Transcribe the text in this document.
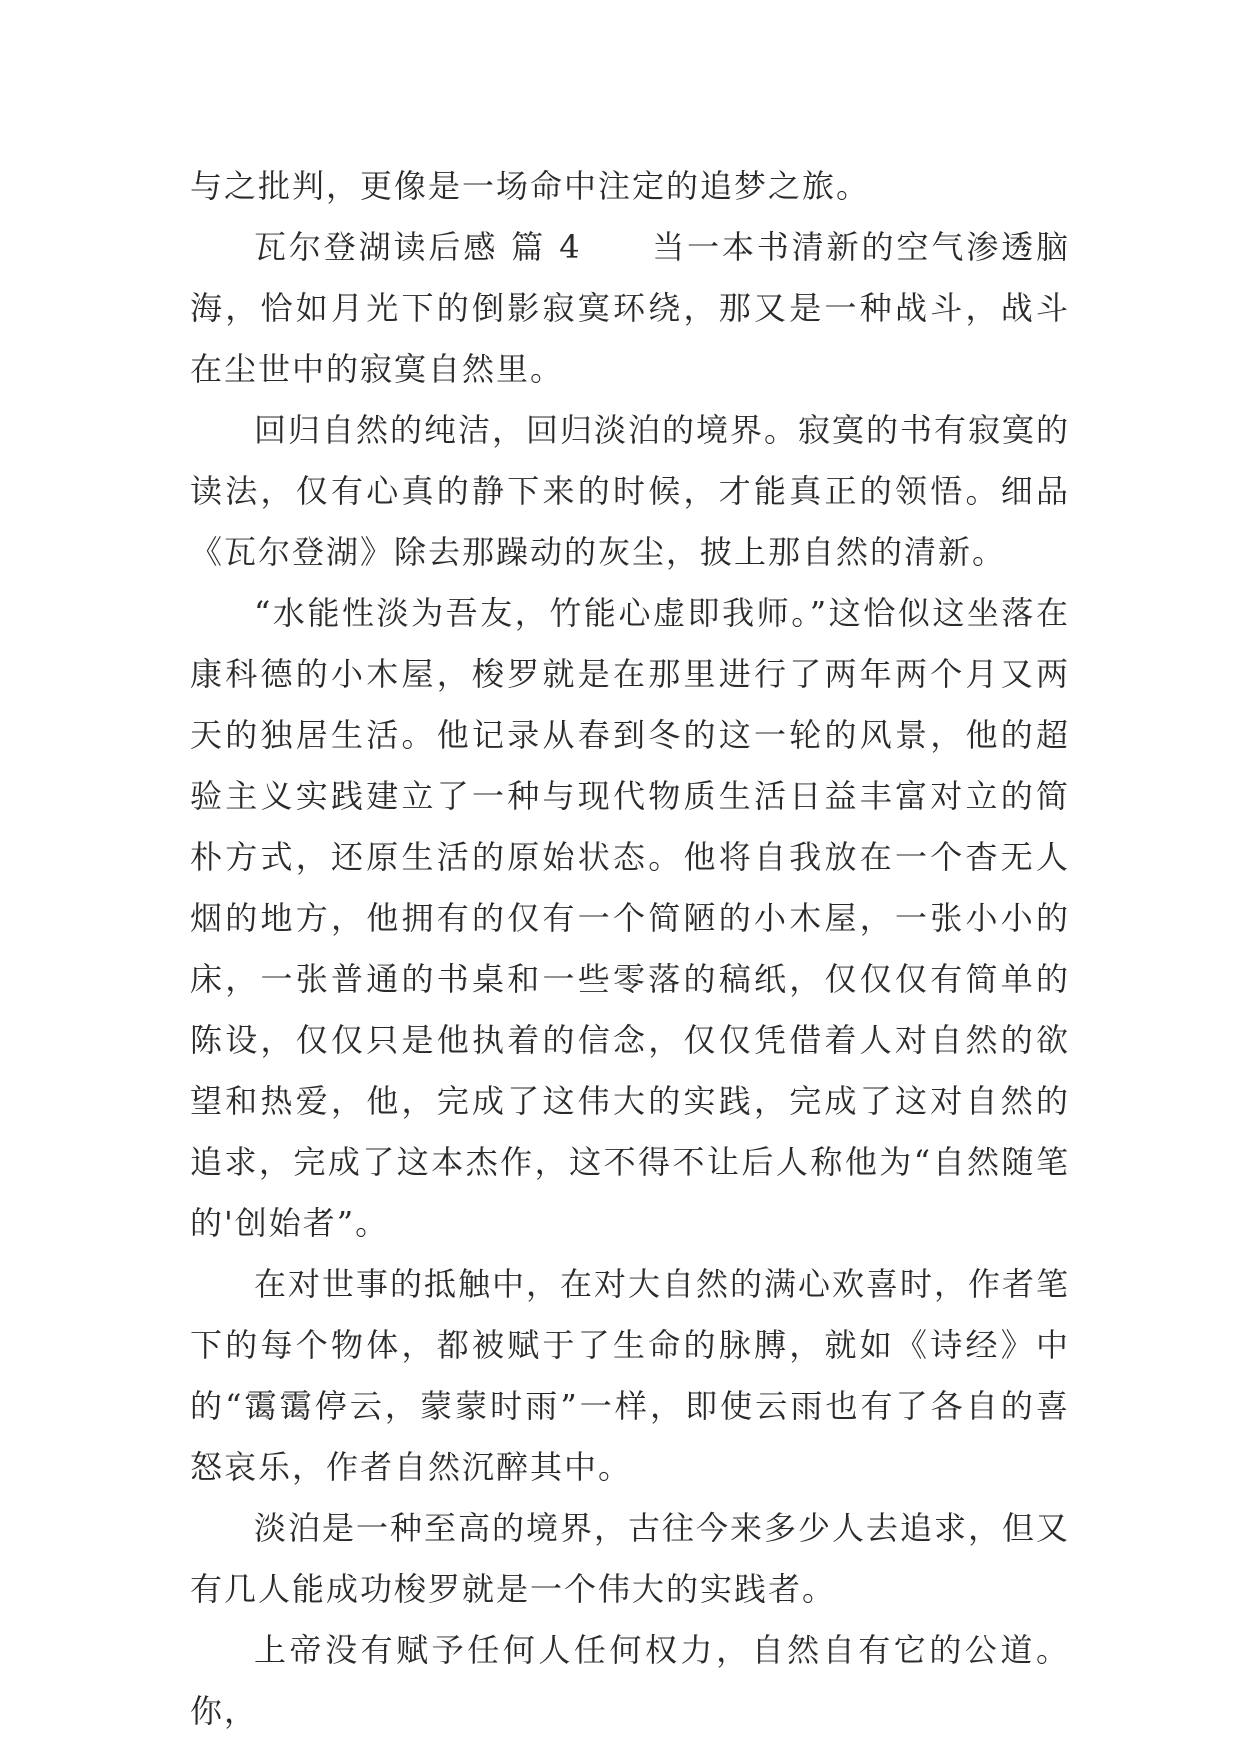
与之批判，更像是一场命中注定的追梦之旅。

瓦尔登湖读后感 篇 4　　当一本书清新的空气渗透脑海，恰如月光下的倒影寂寞环绕，那又是一种战斗，战斗在尘世中的寂寞自然里。

回归自然的纯洁，回归淡泊的境界。寂寞的书有寂寞的读法，仅有心真的静下来的时候，才能真正的领悟。细品《瓦尔登湖》除去那躁动的灰尘，披上那自然的清新。

“水能性淡为吾友，竹能心虚即我师。”这恰似这坐落在康科德的小木屋，梭罗就是在那里进行了两年两个月又两天的独居生活。他记录从春到冬的这一轮的风景，他的超验主义实践建立了一种与现代物质生活日益丰富对立的简朴方式，还原生活的原始状态。他将自我放在一个杳无人烟的地方，他拥有的仅有一个简陋的小木屋，一张小小的床，一张普通的书桌和一些零落的稿纸，仅仅仅有简单的陈设，仅仅只是他执着的信念，仅仅凭借着人对自然的欲望和热爱，他，完成了这伟大的实践，完成了这对自然的追求，完成了这本杰作，这不得不让后人称他为“自然随笔的'创始者”。

在对世事的抵触中，在对大自然的满心欢喜时，作者笔下的每个物体，都被赋于了生命的脉膊，就如《诗经》中的“霭霭停云，蒙蒙时雨”一样，即使云雨也有了各自的喜怒哀乐，作者自然沉醉其中。

淡泊是一种至高的境界，古往今来多少人去追求，但又有几人能成功梭罗就是一个伟大的实践者。

上帝没有赋予任何人任何权力，自然自有它的公道。你，
